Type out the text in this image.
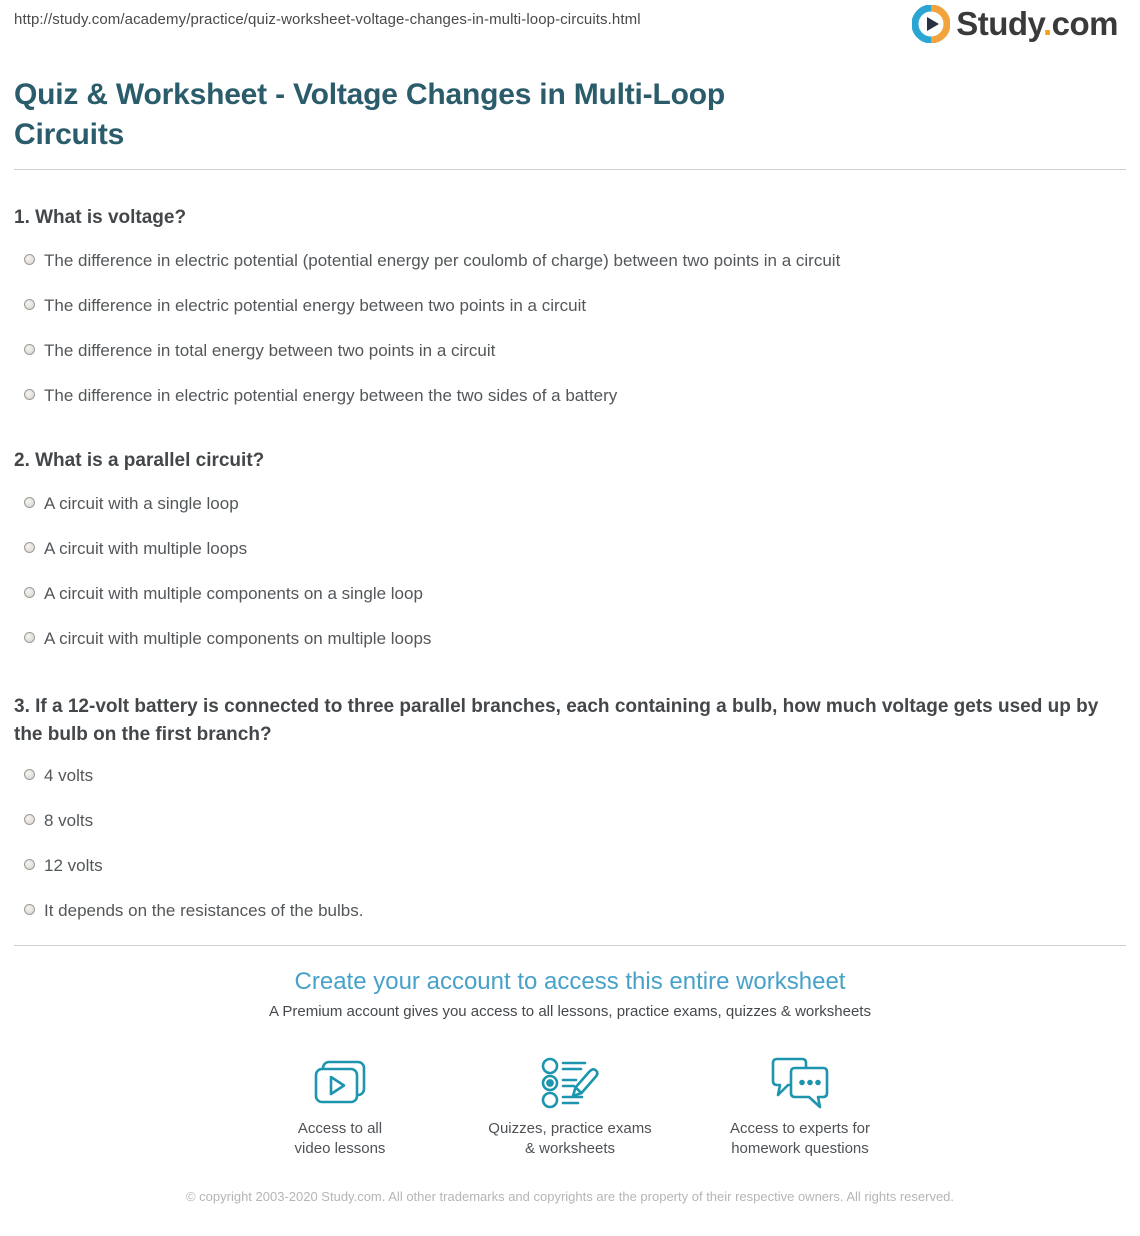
http://study.com/academy/practice/quiz-worksheet-voltage-changes-in-multi-loop-circuits.html	Study.com
Quiz & Worksheet - Voltage Changes in Multi-Loop Circuits
1. What is voltage?
The difference in electric potential (potential energy per coulomb of charge) between two points in a circuit
The difference in electric potential energy between two points in a circuit
The difference in total energy between two points in a circuit
The difference in electric potential energy between the two sides of a battery
2. What is a parallel circuit?
A circuit with a single loop
A circuit with multiple loops
A circuit with multiple components on a single loop
A circuit with multiple components on multiple loops
3. If a 12-volt battery is connected to three parallel branches, each containing a bulb, how much voltage gets used up by the bulb on the first branch?
4 volts
8 volts
12 volts
It depends on the resistances of the bulbs.
Create your account to access this entire worksheet

A Premium account gives you access to all lessons, practice exams, quizzes & worksheets

Access to all
video lessons
Quizzes, practice exams
& worksheets
Access to experts for
homework questions

© copyright 2003-2020 Study.com. All other trademarks and copyrights are the property of their respective owners. All rights reserved.
